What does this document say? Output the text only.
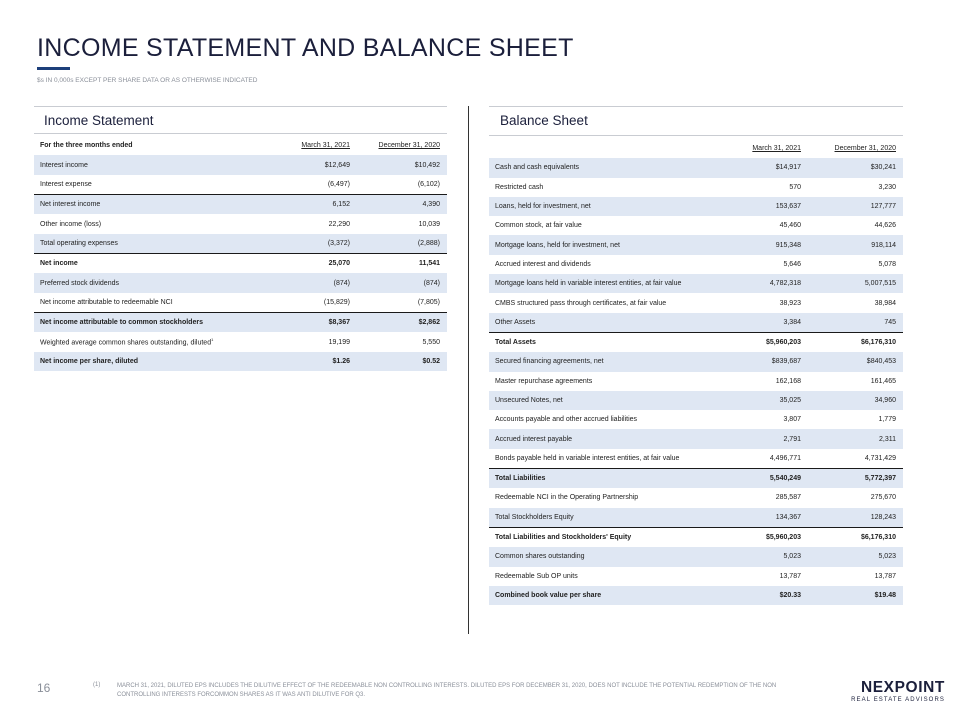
INCOME STATEMENT AND BALANCE SHEET
$s IN 0,000s EXCEPT PER SHARE DATA OR AS OTHERWISE INDICATED
Income Statement
For the three months ended	March 31, 2021	December 31, 2020
Interest income	$12,649	$10,492
Interest expense	(6,497)	(6,102)
Net interest income	6,152	4,390
Other income (loss)	22,290	10,039
Total operating expenses	(3,372)	(2,888)
Net income	25,070	11,541
Preferred stock dividends	(874)	(874)
Net income attributable to redeemable NCI	(15,829)	(7,805)
Net income attributable to common stockholders	$8,367	$2,862
Weighted average common shares outstanding, diluted$^1$	19,199	5,550
Net income per share, diluted	$1.26	$0.52
Balance Sheet
	March 31, 2021	December 31, 2020
Cash and cash equivalents	$14,917	$30,241
Restricted cash	570	3,230
Loans, held for investment, net	153,637	127,777
Common stock, at fair value	45,460	44,626
Mortgage loans, held for investment, net	915,348	918,114
Accrued interest and dividends	5,646	5,078
Mortgage loans held in variable interest entities, at fair value	4,782,318	5,007,515
CMBS structured pass through certificates, at fair value	38,923	38,984
Other Assets	3,384	745
Total Assets	$5,960,203	$6,176,310
Secured financing agreements, net	$839,687	$840,453
Master repurchase agreements	162,168	161,465
Unsecured Notes, net	35,025	34,960
Accounts payable and other accrued liabilities	3,807	1,779
Accrued interest payable	2,791	2,311
Bonds payable held in variable interest entities, at fair value	4,496,771	4,731,429
Total Liabilities	5,540,249	5,772,397
Redeemable NCI in the Operating Partnership	285,587	275,670
Total Stockholders Equity	134,367	128,243
Total Liabilities and Stockholders' Equity	$5,960,203	$6,176,310
Common shares outstanding	5,023	5,023
Redeemable Sub OP units	13,787	13,787
Combined book value per share	$20.33	$19.48
16	(1)	MARCH 31, 2021, DILUTED EPS INCLUDES THE DILUTIVE EFFECT OF THE REDEEMABLE NON CONTROLLING INTERESTS. DILUTED EPS FOR DECEMBER 31, 2020, DOES NOT INCLUDE THE POTENTIAL REDEMPTION OF THE NON CONTROLLING INTERESTS FORCOMMON SHARES AS IT WAS ANTI DILUTIVE FOR Q3.	NEXPOINT
REAL ESTATE ADVISORS
